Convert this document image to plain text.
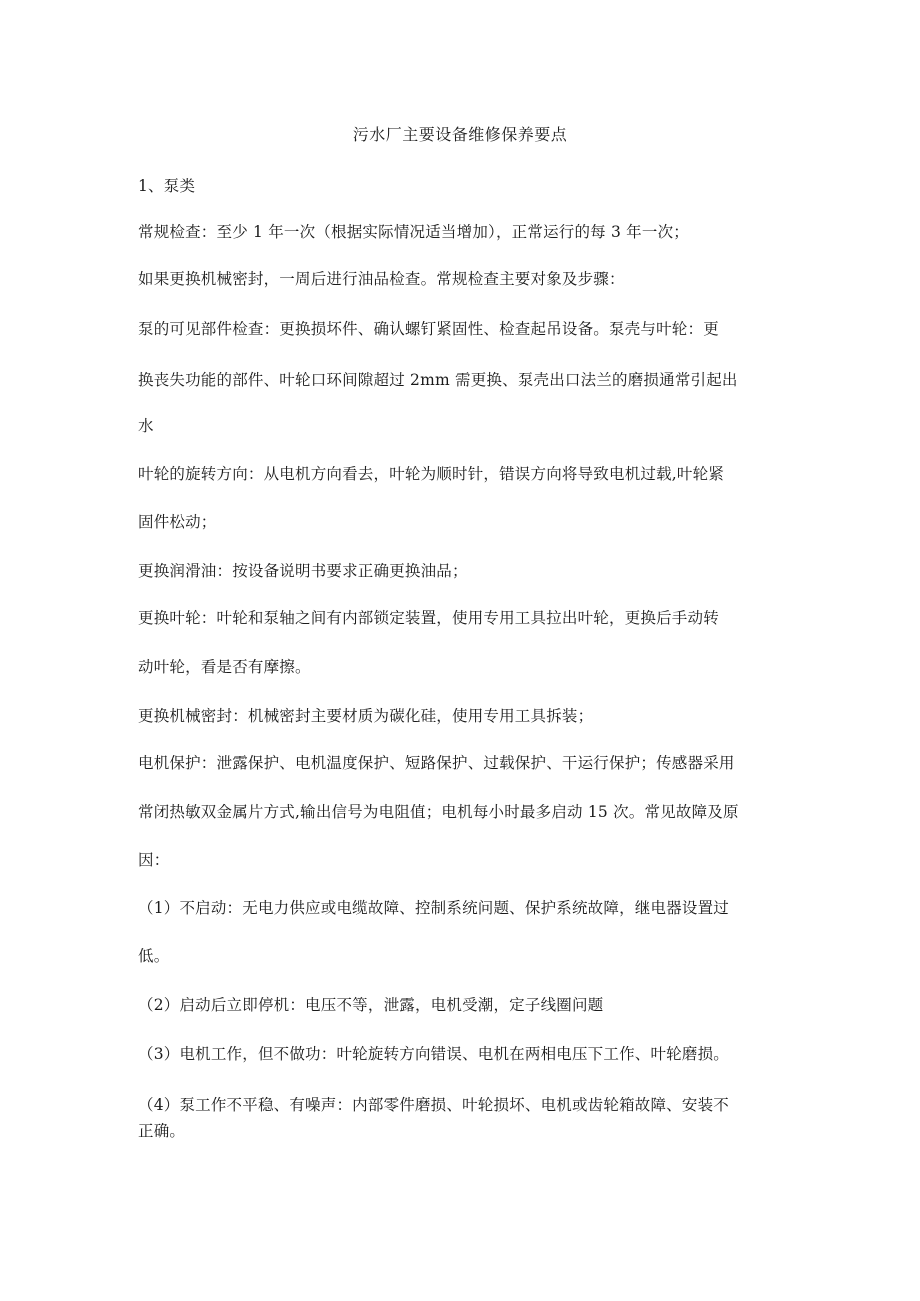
污水厂主要设备维修保养要点
1、泵类
常规检查：至少 1 年一次（根据实际情况适当增加），正常运行的每 3 年一次；
如果更换机械密封，一周后进行油品检查。常规检查主要对象及步骤：
泵的可见部件检查：更换损坏件、确认螺钉紧固性、检查起吊设备。泵壳与叶轮：更
换丧失功能的部件、叶轮口环间隙超过 2mm 需更换、泵壳出口法兰的磨损通常引起出
水
叶轮的旋转方向：从电机方向看去，叶轮为顺时针，错误方向将导致电机过载,叶轮紧
固件松动；
更换润滑油：按设备说明书要求正确更换油品；
更换叶轮：叶轮和泵轴之间有内部锁定装置，使用专用工具拉出叶轮，更换后手动转
动叶轮，看是否有摩擦。
更换机械密封：机械密封主要材质为碳化硅，使用专用工具拆装；
电机保护：泄露保护、电机温度保护、短路保护、过载保护、干运行保护；传感器采用
常闭热敏双金属片方式,输出信号为电阻值；电机每小时最多启动 15 次。常见故障及原
因：
（1）不启动：无电力供应或电缆故障、控制系统问题、保护系统故障，继电器设置过
低。
（2）启动后立即停机：电压不等，泄露，电机受潮，定子线圈问题
（3）电机工作，但不做功：叶轮旋转方向错误、电机在两相电压下工作、叶轮磨损。
（4）泵工作不平稳、有噪声：内部零件磨损、叶轮损坏、电机或齿轮箱故障、安装不
正确。
